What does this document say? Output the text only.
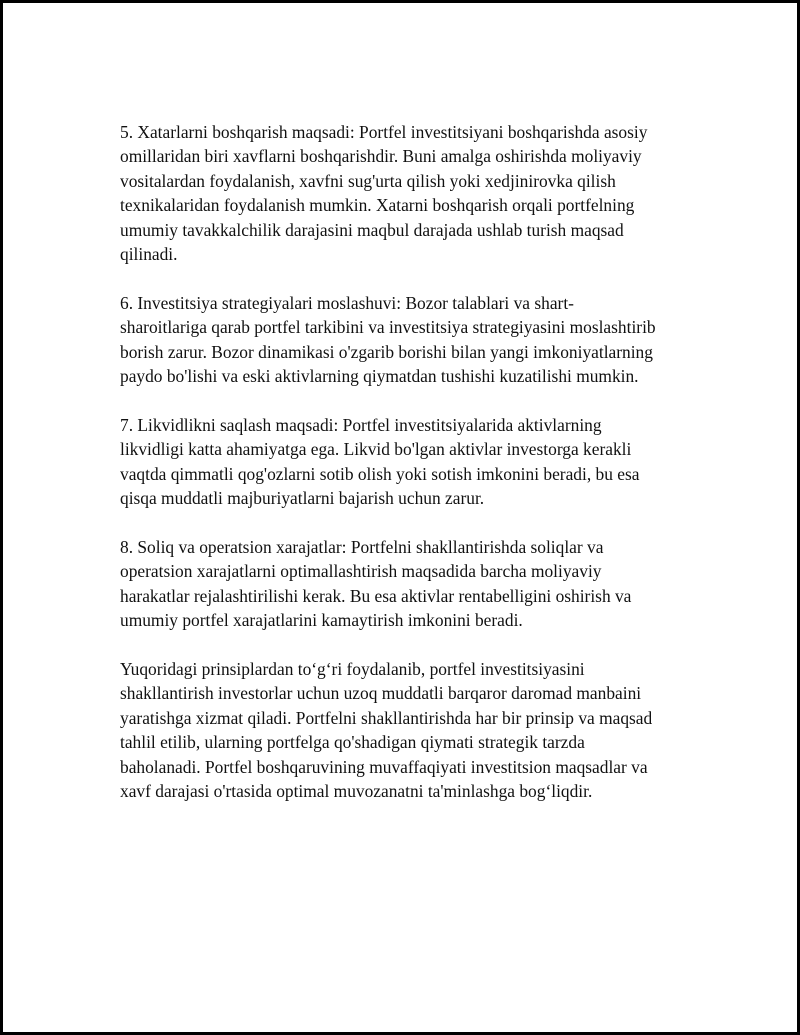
5. Xatarlarni boshqarish maqsadi: Portfel investitsiyani boshqarishda asosiy
omillaridan biri xavflarni boshqarishdir. Buni amalga oshirishda moliyaviy
vositalardan foydalanish, xavfni sug'urta qilish yoki xedjinirovka qilish
texnikalaridan foydalanish mumkin. Xatarni boshqarish orqali portfelning
umumiy tavakkalchilik darajasini maqbul darajada ushlab turish maqsad
qilinadi.

6. Investitsiya strategiyalari moslashuvi: Bozor talablari va shart-
sharoitlariga qarab portfel tarkibini va investitsiya strategiyasini moslashtirib
borish zarur. Bozor dinamikasi o'zgarib borishi bilan yangi imkoniyatlarning
paydo bo'lishi va eski aktivlarning qiymatdan tushishi kuzatilishi mumkin.

7. Likvidlikni saqlash maqsadi: Portfel investitsiyalarida aktivlarning
likvidligi katta ahamiyatga ega. Likvid bo'lgan aktivlar investorga kerakli
vaqtda qimmatli qog'ozlarni sotib olish yoki sotish imkonini beradi, bu esa
qisqa muddatli majburiyatlarni bajarish uchun zarur.

8. Soliq va operatsion xarajatlar: Portfelni shakllantirishda soliqlar va
operatsion xarajatlarni optimallashtirish maqsadida barcha moliyaviy
harakatlar rejalashtirilishi kerak. Bu esa aktivlar rentabelligini oshirish va
umumiy portfel xarajatlarini kamaytirish imkonini beradi.

Yuqoridagi prinsiplardan to‘g‘ri foydalanib, portfel investitsiyasini
shakllantirish investorlar uchun uzoq muddatli barqaror daromad manbaini
yaratishga xizmat qiladi. Portfelni shakllantirishda har bir prinsip va maqsad
tahlil etilib, ularning portfelga qo'shadigan qiymati strategik tarzda
baholanadi. Portfel boshqaruvining muvaffaqiyati investitsion maqsadlar va
xavf darajasi o'rtasida optimal muvozanatni ta'minlashga bog‘liqdir.
